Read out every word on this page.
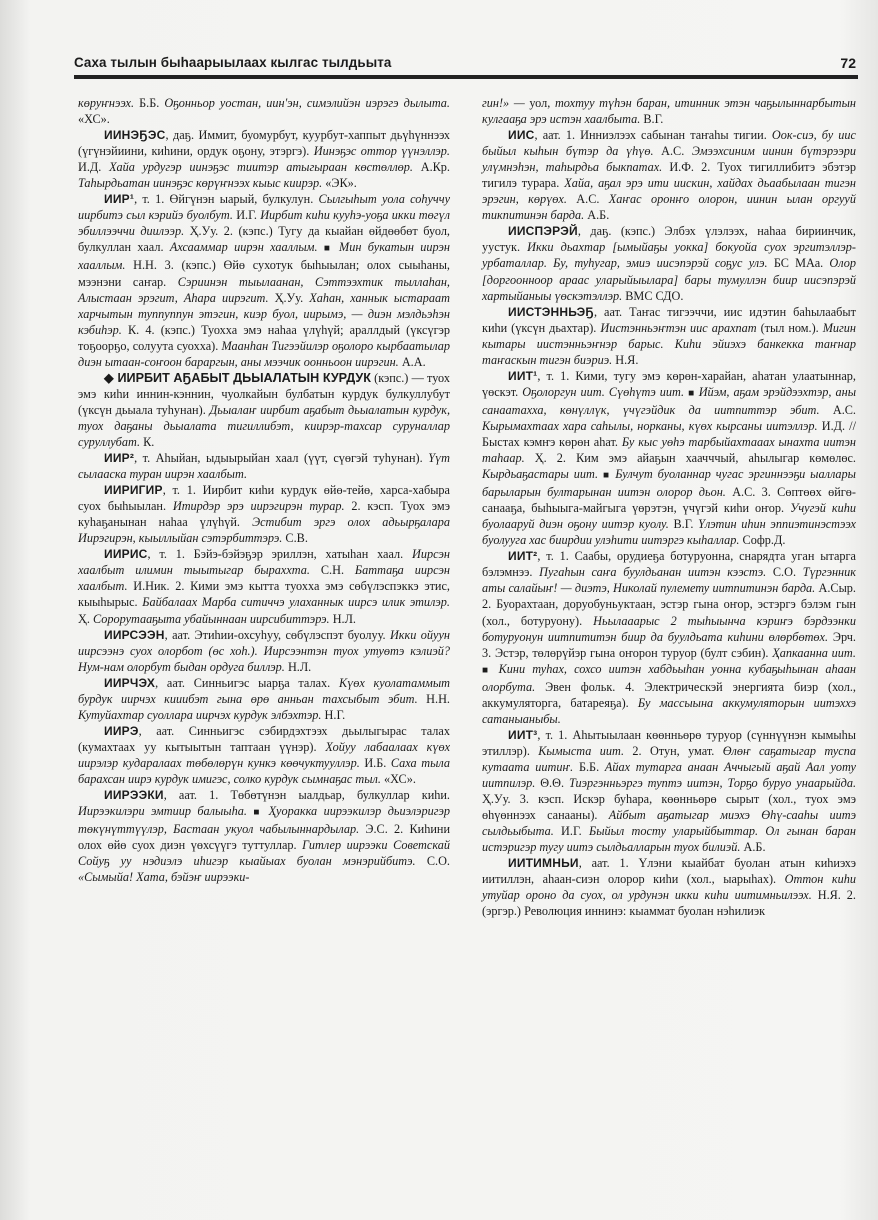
Саха тылын быһаарыылаах кылгас тылдьыта	72

көруҥнээх. Б.Б. Оҕонньор уостан, иин'эн, симэлийэн иэрэгэ дылыта. «ХС».

ИИНЭҔЭС, даҕ. Иммит, буомурбут, куурбут-хаппыт дьүһүннээх (үгүнэйиини, киһини, ордук оҕону, этэргэ). Иинэҕэс оттор үүнэллэр. И.Д. Хайа урдугэр иинэҕэс тиитэр атыгыраан көстөллөр. А.Кр. Таһырдьатан иинэҕэс көрүҥнээх кыыс киирэр. «ЭК».

ИИР¹, т. 1. Өйгүнэн ыарый, булкулун. Сылгыһыт уола соһуччу иирбитэ сыл кэрийэ буолбут. И.Г. Иирбит киһи кууһэ-уоҕа икки төгүл эбиллээччи диилээр. Ҳ.Уу. 2. (кэпс.) Тугу да кыайан өйдөөбөт буол, булкуллан хаал. Ахсааммар иирэн хааллым. ■ Мин букатын иирэн хааллым. Н.Н. 3. (кэпс.) Өйө сухотук быһыылан; олох сыыһаны, мээнэни саҥар. Сэриинэн тыылаанан, Сэттээхтик тыллаһан, Алыстаан эрэгит, Аһара иирэгит. Ҳ.Уу. Хаһан, ханнык ыстараат харчытын туппуппун этэгин, киэр буол, иирымэ, — диэн мэлдьэһэн кэбиһэр. К. 4. (кэпс.) Туохха эмэ наһаа үлүһүй; араллдый (үксүгэр тоҕоорҕо, солуута суохха). Маанһан Тигээйилэр оҕолоро кырбаатылар диэн ытаан-соҥоон бараргын, аны мээчик оонньоон иирэгин. А.А.

◆ ИИРБИТ АҔАБЫТ ДЬЫАЛАТЫН КУРДУК (кэпс.) — туох эмэ киһи иннин-кэннин, чуолкайын булбатын курдук булкуллубут (үксүн дьыала туһунан). Дьыалаҥ иирбит аҕабыт дьыалатын курдук, туох даҕаны дьыалата тигиллибэт, киирэр-тахсар суруналлар суруллубат. К.

ИИР², т. Аһыйан, ыдыырыйан хаал (үүт, сүөгэй туһунан). Үүт сылааска туран иирэн хаалбыт.

ИИРИГИР, т. 1. Иирбит киһи курдук өйө-тейө, харса-хабыра суох быһыылан. Итирдэр эрэ иирэгирэн турар. 2. кэсп. Туох эмэ куһаҕанынан наһаа үлүһүй. Эстибит эргэ олох адьырҕалара Иирэгирэн, кыыллыйан сэтэрбиттэрэ. С.В.

ИИРИС, т. 1. Бэйэ-бэйэҕэр эриллэн, хатыһан хаал. Иирсэн хаалбыт илимин тыытыгар быраххта. С.Н. Баттаҕа иирсэн хаалбыт. И.Ник. 2. Кими эмэ кытта туохха эмэ сөбүлэспэккэ этис, кыыһырыс. Байбалаах Марба ситиччэ улаханнык иирсэ илик этилэр. Ҳ. Сорорутааҕыта убайыннаан иирсибиттэрэ. Н.Л.

ИИРСЭЭН, аат. Этиһии-охсуһуу, сөбүлэспэт буолуу. Икки ойуун иирсээнэ суох олорбот (өс хоһ.). Иирсээнтэн туох утуөтэ кэлиэй? Нум-нам олорбут быдан ордуга биллэр. Н.Л.

ИИРЧЭХ, аат. Синньигэс ыарҕа талах. Күөх куолатаммыт бурдук иирчэх кииибэт гына өрө анньан тахсыбыт эбит. Н.Н. Кутуйахтар суоллара иирчэх курдук элбэхтэр. Н.Г.

ИИРЭ, аат. Синньигэс сэбирдэхтээх дьылыгырас талах (кумахтаах уу кытыытын таптаан үүнэр). Хойуу лабаалаах күөх иирэлэр кударалаах төбөлөрүн кункэ көөчуктууллэр. И.Б. Саха тыла барахсан иирэ курдук имигэс, солко курдук сымнаҕас тыл. «ХС».

ИИРЭЭКИ, аат. 1. Төбөтүнэн ыалдьар, булкуллар киһи. Иирээкилэри эмтиир балыыһа. ■ Ҳуоракка иирээкилэр дьиэлэригэр төкүнүттүүлэр, Бастаан укуол чабылыннардылар. Э.С. 2. Киһини олох өйө суох диэн үөхсүүгэ туттуллар. Гитлер иирээки Советскай Сойуҕ уу нэдиэлэ иһигэр кыайыах буолан мэнэрийбитэ. С.О. «Сымыйа! Хата, бэйэҥ иирээки-

гин!» — уол, тохтуу түһэн баран, итинник этэн чаҕылыннарбытын кулгааҕа эрэ истэн хаалбыта. В.Г.

ИИС, аат. 1. Инниэлээх сабынан таҥаһы тигии. Оок-сиэ, бу иис быйыл кыһын бүтэр да үһүө. А.С. Эмээхсиним иинин бүтэрээри улүмнэһэн, таһырдьа быкпатах. И.Ф. 2. Туох тигиллибитэ эбэтэр тигилэ турара. Хайа, аҕал эрэ ити иискин, хайдах дьаабылаан тигэн эрэгин, көрүөх. А.С. Хаҥас оронҥо олорон, иинин ылан оргууй тикпитинэн барда. А.Б.

ИИСПЭРЭЙ, даҕ. (кэпс.) Элбэх үлэлээх, наһаа бириинчик, уустук. Икки дьахтар [ымыйаҕы уокка] бокуойа суох эргитэллэр-урбаталлар. Бу, туһугар, эмиэ иисэпэрэй соҕус улэ. БС МАа. Олор [доргоонноор араас уларыйыылара] бары тумуллэн биир иисэпэрэй хартыйаныы үөскэтэллэр. ВМС СДО.

ИИСТЭННЬЭҔ, аат. Таҥас тигээччи, иис идэтин баһылаабыт киһи (үксүн дьахтар). Иистэнньэҥтэн иис арахпат (тыл ном.). Мигин кытары иистэнньэҥнэр барыс. Киһи эйиэхэ банкекка таҥнар таҥаскын тигэн биэриэ. Н.Я.

ИИТ¹, т. 1. Кими, тугу эмэ көрөн-харайан, аһатан улаатыннар, үөскэт. Оҕолоргун иит. Сүөһүтэ иит. ■ Ийэм, аҕам эрэйдээхтэр, аны санаатахха, көнүллүк, үчүгэйдик да иитпиттэр эбит. А.С. Кырымахтаах хара саһылы, норканы, күөх кырсаны иитэллэр. И.Д. // Быстах кэмҥэ көрөн аһат. Бу кыс уөһэ тарбыйахтааах ынахта иитэн таһаар. Ҳ. 2. Ким эмэ айаҕын хаачччый, аһылыгар көмөлөс. Кырдьаҕастары иит. ■ Булчут буоланнар чугас эргиннээҕи ыаллары барыларын бултарынан иитэн олорор дьон. А.С. 3. Сөптөөх өйгө-санааҕа, быһыыга-майгыга үөрэтэн, үчүгэй киһи оҥор. Учугэй киһи буолааруй диэн оҕону иитэр куолу. В.Г. Үлэтин иһин эппиэтинэстээх буолууга хас биирдии улэһити иитэргэ кыһаллар. Софр.Д.

ИИТ², т. 1. Саабы, орудиеҕа ботуруонна, снарядта уган ытарга бэлэмнээ. Пугаһын саҥа буулдьанан иитэн кээстэ. С.О. Түргэнник аты салайыҥ! — диэтэ, Николай пулемету иитпитинэн барда. А.Сыр. 2. Буорахтаан, доруобуньуктаан, эстэр гына оҥор, эстэргэ бэлэм гын (хол., ботуруону). Ньылааарыс 2 тыһыынча кэриҥэ бэрдээнки ботуруонун иитпититэн биир да буулдьата киһини өлөрбөтөх. Эрч. 3. Эстэр, төлөрүйэр гына оҥорон туруор (булт сэбин). Ҳапкаанна иит. ■ Кини туһах, сохсо иитэн хабдьыһан уонна кубаҕыһынан аһаан олорбута. Эвен фольк. 4. Электрическэй энергията биэр (хол., аккумуляторга, батареяҕа). Бу массыына аккумуляторын иитэххэ сатаныаныбы.

ИИТ³, т. 1. Аһытыылаан көөнньөрө туруор (сүннүүнэн кымыһы этиллэр). Кымыста иит. 2. Отун, умат. Өлөҥ саҕатыгар туспа кутаата иитиҥ. Б.Б. Айах тутарга анаан Аччыгый аҕай Аал уоту иитпилэр. Θ.Θ. Тиэргэнньэргэ туптэ иитэн, Торҕо буруо унаарыйда. Ҳ.Уу. 3. кэсп. Искэр буһара, көөнньөрө сырыт (хол., туох эмэ өһүөннээх санааны). Айбыт аҕатыгар миэхэ Өһү-сааһы иитэ сылдьыбыта. И.Г. Быйыл тосту уларыйбыттар. Ол гынан баран истэригэр тугу иитэ сылдьалларын туох билиэй. А.Б.

ИИТИМНЬИ, аат. 1. Үлэни кыайбат буолан атын киһиэхэ иитиллэн, аһаан-сиэн олорор киһи (хол., ыарыһах). Оттон киһи утуйар ороно да суох, ол урдунэн икки киһи иитимньилээх. Н.Я. 2. (эргэр.) Революция иннинэ: кыаммат буолан нэһилиэк
